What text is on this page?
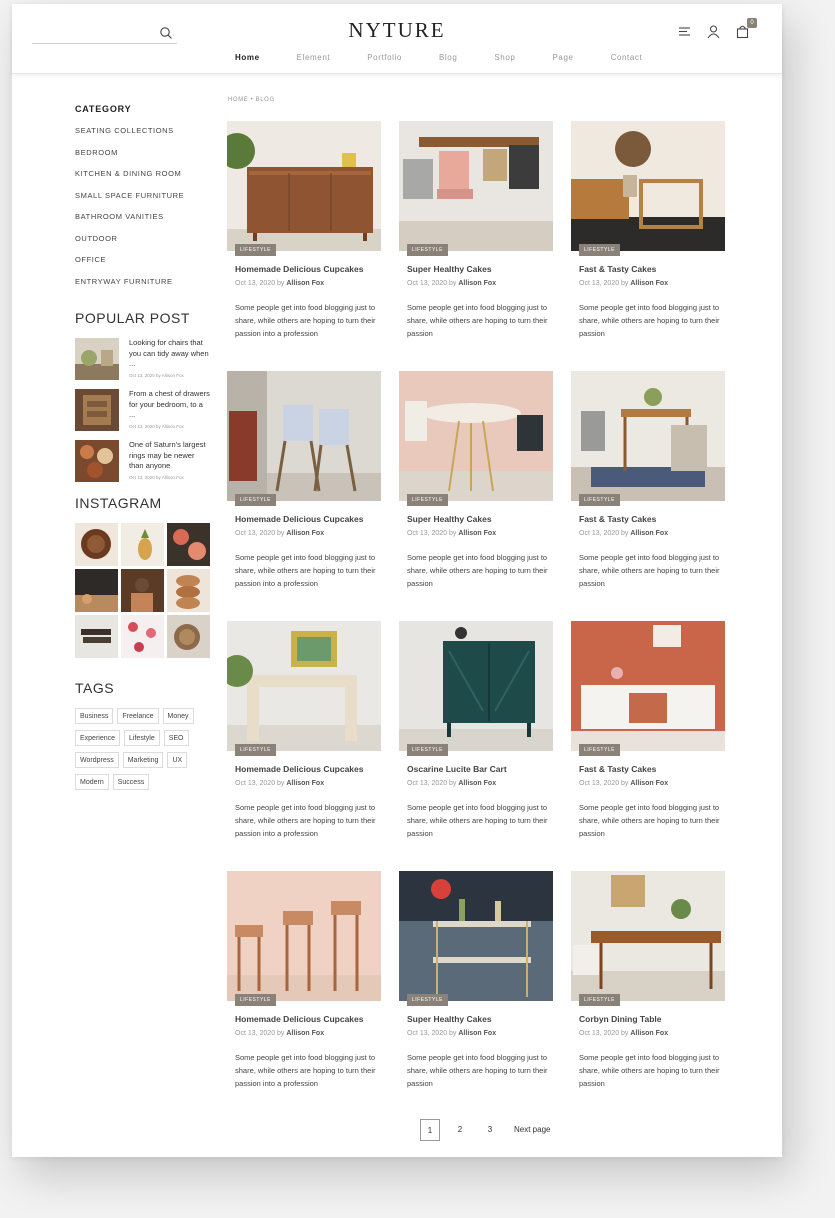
NYTURE	0
Home	Element	Portfolio	Blog	Shop	Page	Contact
CATEGORY
SEATING COLLECTIONS
BEDROOM
KITCHEN & DINING ROOM
SMALL SPACE FURNITURE
BATHROOM VANITIES
OUTDOOR
OFFICE
ENTRYWAY FURNITURE
POPULAR POST
Looking for chairs that you can tidy away when ...
Oct 13, 2020 by Allison Fox
From a chest of drawers for your bedroom, to a ...
Oct 13, 2020 by Allison Fox
One of Saturn's largest rings may be newer than anyone
Oct 13, 2020 by Allison Fox
INSTAGRAM
TAGS
Business	Freelance	Money
Experience	Lifestyle	SEO
Wordpress	Marketing	UX
Modern	Success
HOME • BLOG
LIFESTYLE
Homemade Delicious Cupcakes
Oct 13, 2020 by Allison Fox
Some people get into food blogging just to share, while others are hoping to turn their passion into a profession
LIFESTYLE
Super Healthy Cakes
Oct 13, 2020 by Allison Fox
Some people get into food blogging just to share, while others are hoping to turn their passion
LIFESTYLE
Fast & Tasty Cakes
Oct 13, 2020 by Allison Fox
Some people get into food blogging just to share, while others are hoping to turn their passion
LIFESTYLE
Homemade Delicious Cupcakes
Oct 13, 2020 by Allison Fox
Some people get into food blogging just to share, while others are hoping to turn their passion into a profession
LIFESTYLE
Super Healthy Cakes
Oct 13, 2020 by Allison Fox
Some people get into food blogging just to share, while others are hoping to turn their passion
LIFESTYLE
Fast & Tasty Cakes
Oct 13, 2020 by Allison Fox
Some people get into food blogging just to share, while others are hoping to turn their passion
LIFESTYLE
Homemade Delicious Cupcakes
Oct 13, 2020 by Allison Fox
Some people get into food blogging just to share, while others are hoping to turn their passion into a profession
LIFESTYLE
Oscarine Lucite Bar Cart
Oct 13, 2020 by Allison Fox
Some people get into food blogging just to share, while others are hoping to turn their passion
LIFESTYLE
Fast & Tasty Cakes
Oct 13, 2020 by Allison Fox
Some people get into food blogging just to share, while others are hoping to turn their passion
LIFESTYLE
Homemade Delicious Cupcakes
Oct 13, 2020 by Allison Fox
Some people get into food blogging just to share, while others are hoping to turn their passion into a profession
LIFESTYLE
Super Healthy Cakes
Oct 13, 2020 by Allison Fox
Some people get into food blogging just to share, while others are hoping to turn their passion
LIFESTYLE
Corbyn Dining Table
Oct 13, 2020 by Allison Fox
Some people get into food blogging just to share, while others are hoping to turn their passion
1	2	3	Next page
